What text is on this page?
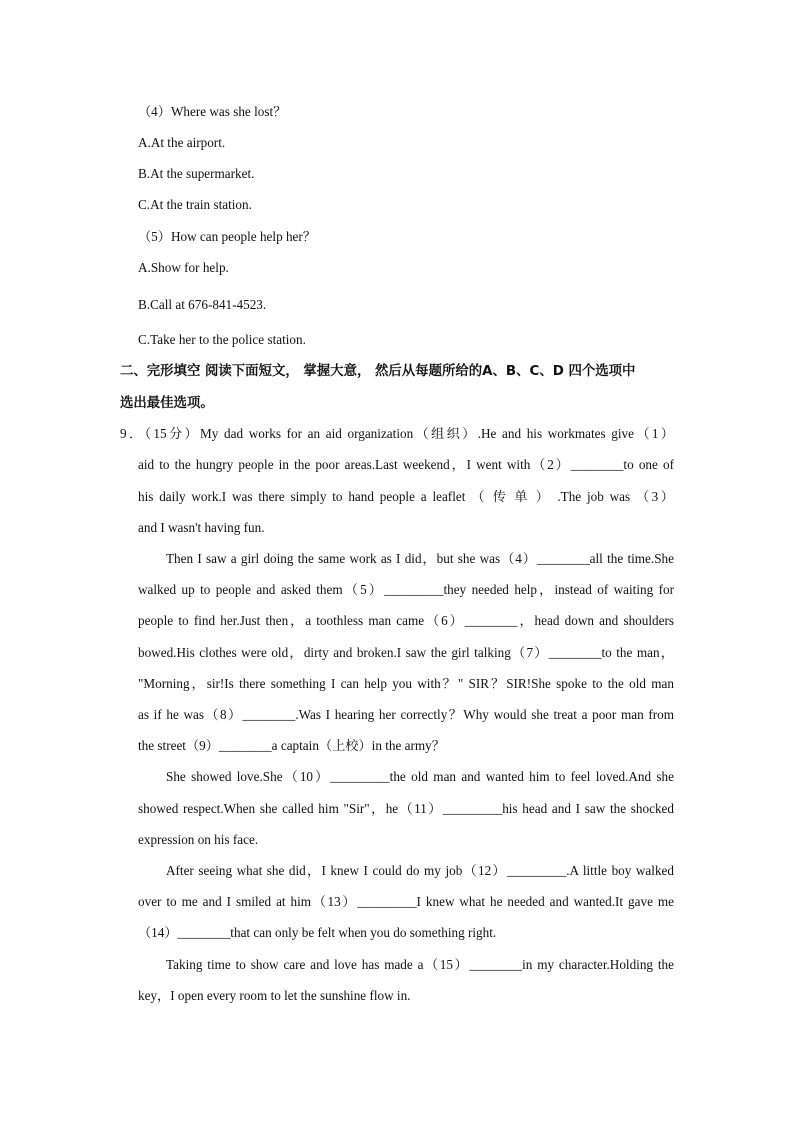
（4）Where was she lost？
A.At the airport.
B.At the supermarket.
C.At the train station.
（5）How can people help her？
A.Show for help.
B.Call at 676-841-4523.
C.Take her to the police station.
二、完形填空 阅读下面短文， 掌握大意， 然后从每题所给的A、B、C、D 四个选项中
选出最佳选项。
9．（15分）My dad works for an aid organization（组织）.He and his workmates give（1）
aid to the hungry people in the poor areas.Last weekend，I went with（2）________to one of
his daily work.I was there simply to hand people a leaflet （ 传 单 ） .The job was （3）
and I wasn't having fun.
Then I saw a girl doing the same work as I did，but she was（4）________all the time.She
walked up to people and asked them（5）_________they needed help，instead of waiting for
people to find her.Just then，a toothless man came（6）________，head down and shoulders
bowed.His clothes were old，dirty and broken.I saw the girl talking（7）________to the man，
"Morning，sir!Is there something I can help you with？" SIR？SIR!She spoke to the old man
as if he was（8）________.Was I hearing her correctly？Why would she treat a poor man from
the street（9）________a captain（上校）in the army？
She showed love.She（10）_________the old man and wanted him to feel loved.And she
showed respect.When she called him "Sir"，he（11）_________his head and I saw the shocked
expression on his face.
After seeing what she did，I knew I could do my job（12）_________.A little boy walked
over to me and I smiled at him（13）_________I knew what he needed and wanted.It gave me
（14）________that can only be felt when you do something right.
Taking time to show care and love has made a（15）________in my character.Holding the
key，I open every room to let the sunshine flow in.
